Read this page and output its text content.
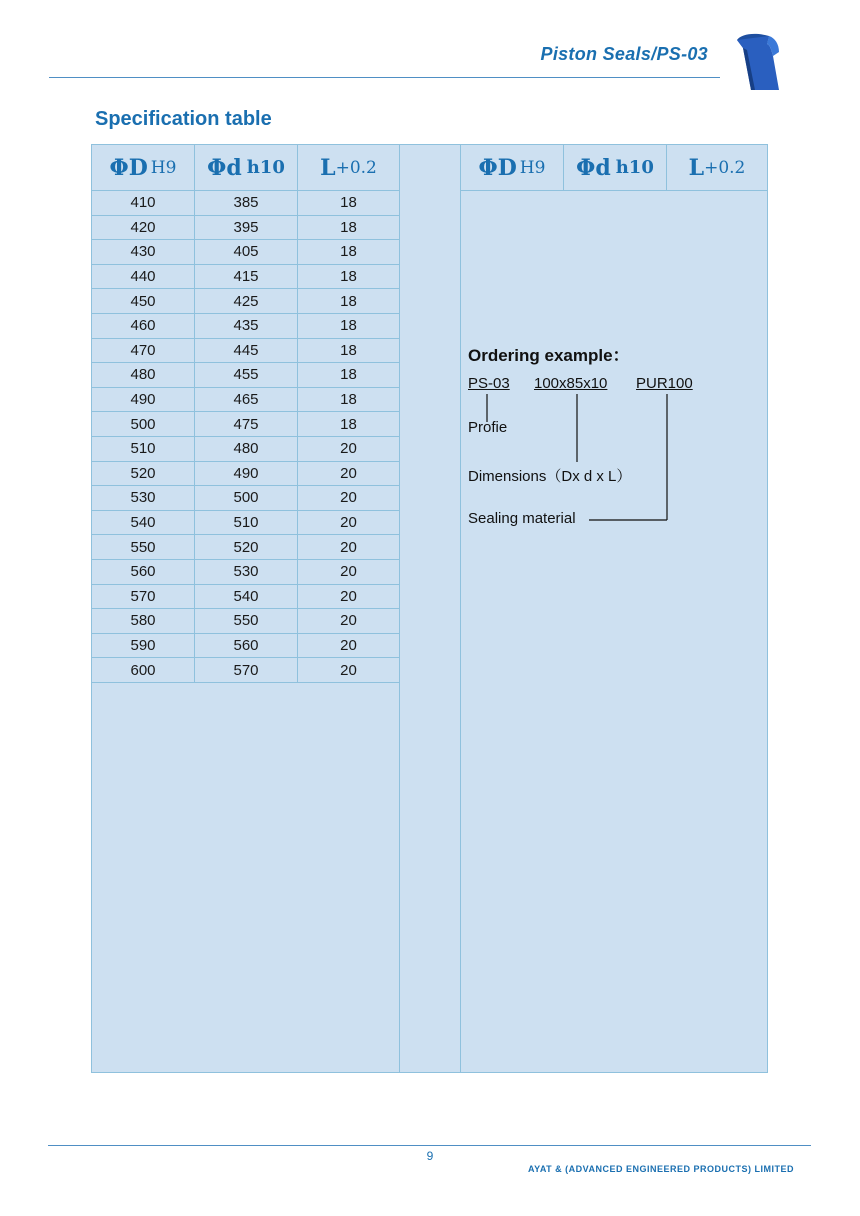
Piston Seals/PS-03
Specification table
ΦD H9 Φd h10 L +0.2
410	385	18
420	395	18
430	405	18
440	415	18
450	425	18
460	435	18
470	445	18
480	455	18
490	465	18
500	475	18
510	480	20
520	490	20
530	500	20
540	510	20
550	520	20
560	530	20
570	540	20
580	550	20
590	560	20
600	570	20
ΦD H9 Φd h10 L +0.2
Ordering example：
PS-03 100x85x10 PUR100
Profie
Dimensions（Dx d x L）
Sealing material
9
AYAT & (ADVANCED ENGINEERED PRODUCTS) LIMITED
